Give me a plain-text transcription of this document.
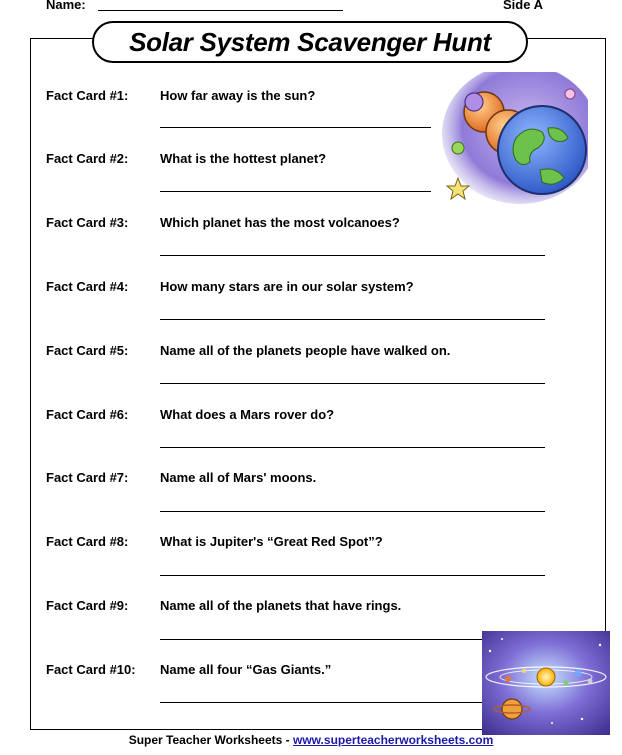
Name:	Side A
Solar System Scavenger Hunt
Fact Card #1: How far away is the sun?
Fact Card #2: What is the hottest planet?
Fact Card #3: Which planet has the most volcanoes?
Fact Card #4: How many stars are in our solar system?
Fact Card #5: Name all of the planets people have walked on.
Fact Card #6: What does a Mars rover do?
Fact Card #7: Name all of Mars' moons.
Fact Card #8: What is Jupiter's “Great Red Spot”?
Fact Card #9: Name all of the planets that have rings.
Fact Card #10: Name all four “Gas Giants.”
Super Teacher Worksheets - www.superteacherworksheets.com
